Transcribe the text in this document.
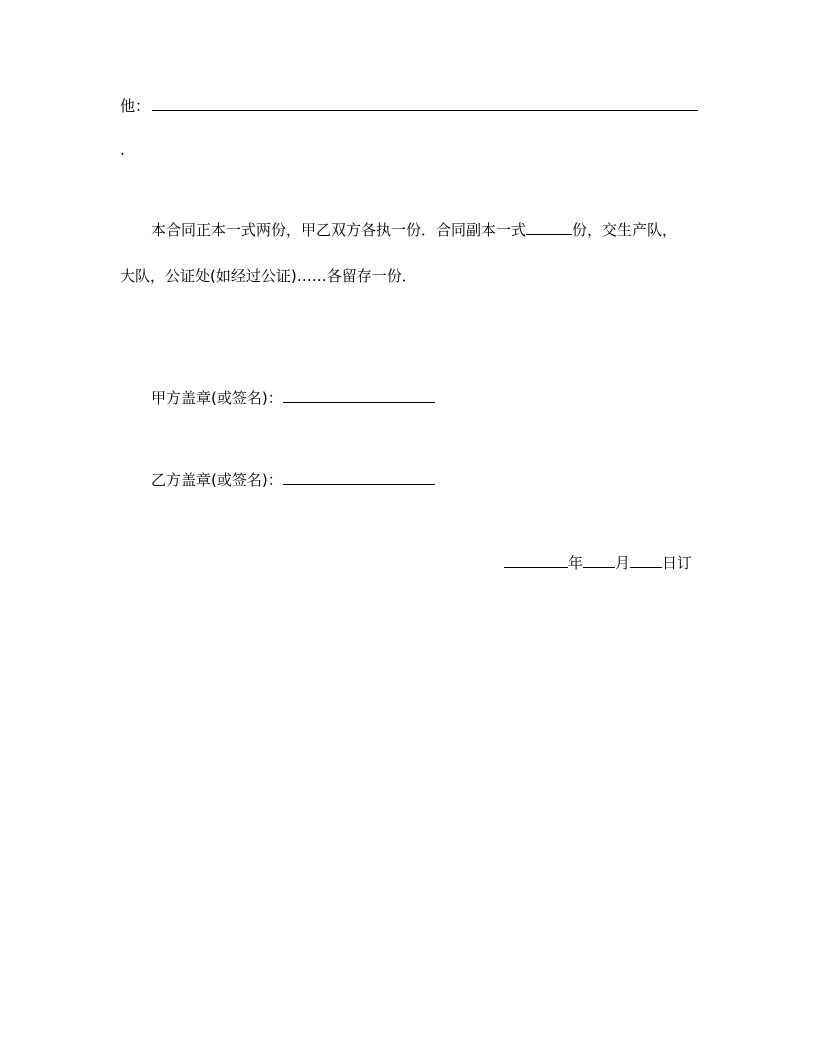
他：
.
本合同正本一式两份，甲乙双方各执一份．合同副本一式	份，交生产队，
大队，公证处(如经过公证)……各留存一份．
甲方盖章(或签名)：
乙方盖章(或签名)：
年 月 日订
